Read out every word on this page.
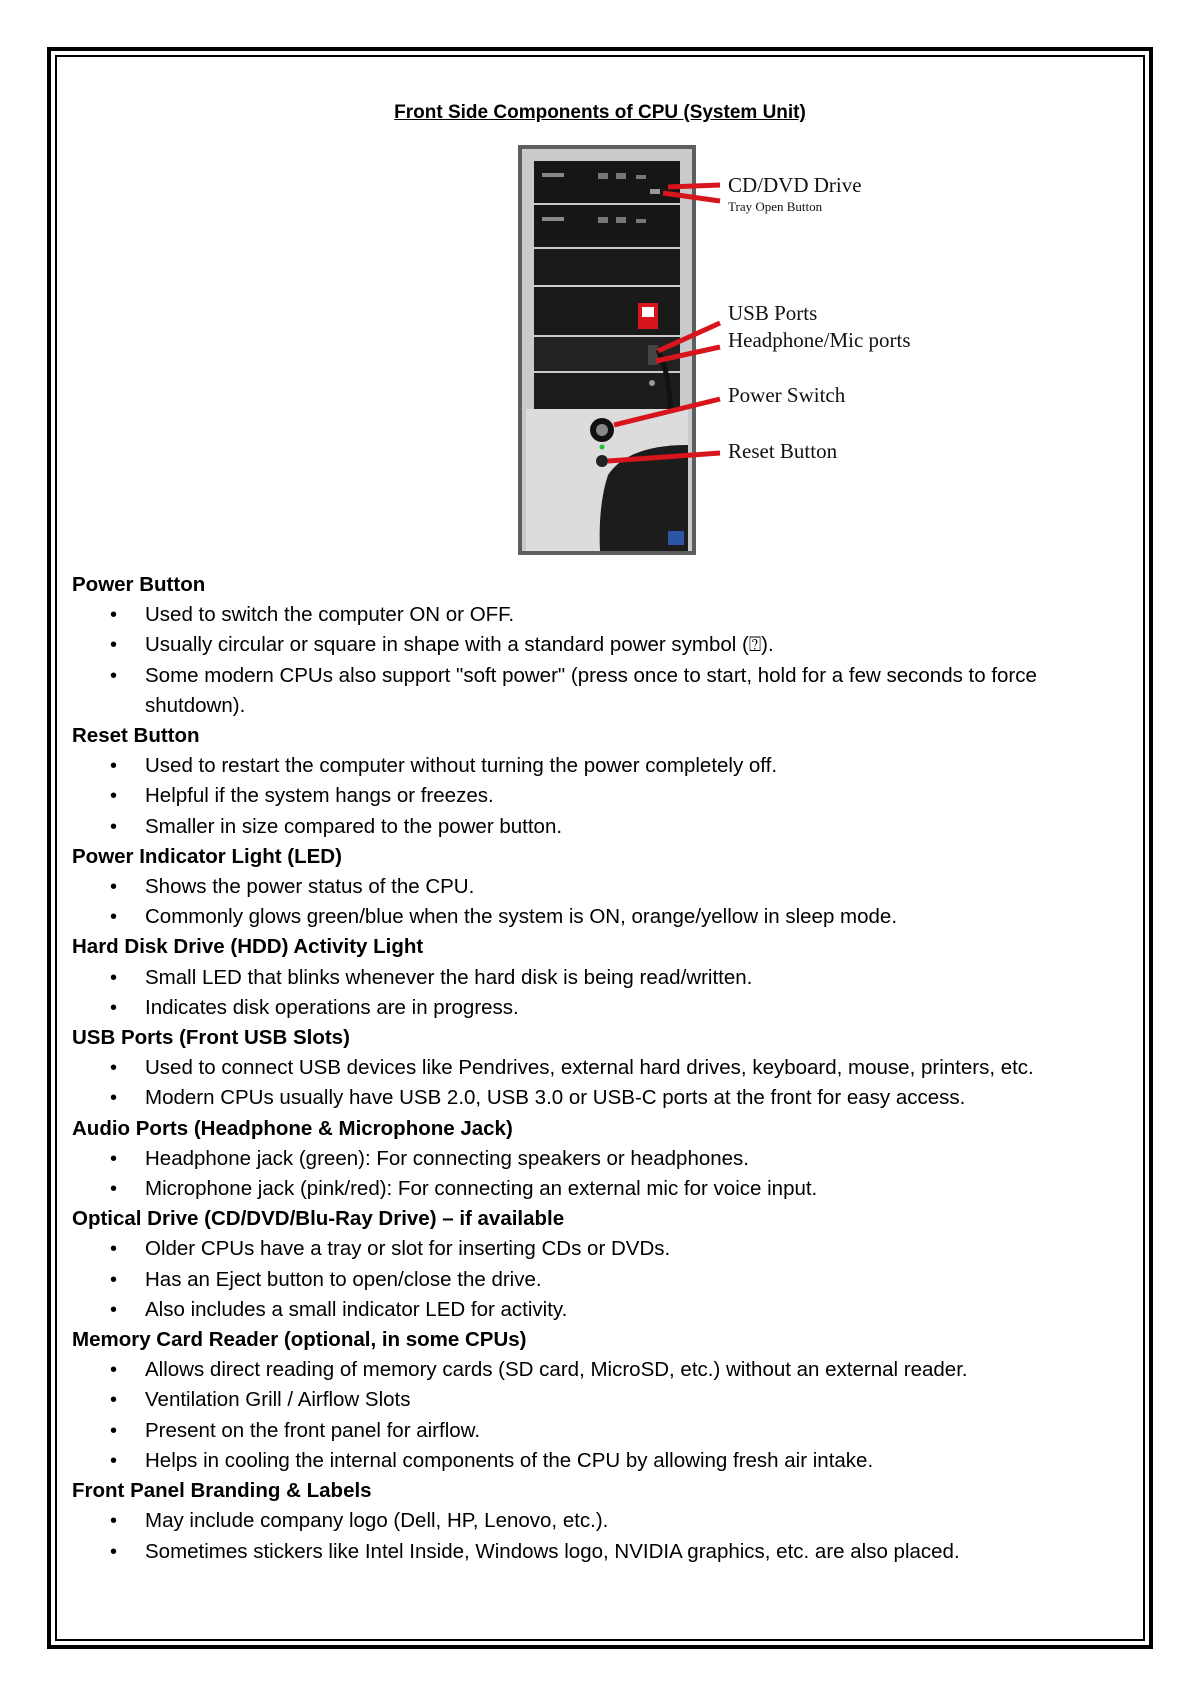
Front Side Components of CPU (System Unit)
CD/DVD Drive
Tray Open Button
USB Ports
Headphone/Mic ports
Power Switch
Reset Button
Power Button
• Used to switch the computer ON or OFF.
• Usually circular or square in shape with a standard power symbol (⍰).
• Some modern CPUs also support "soft power" (press once to start, hold for a few seconds to force shutdown).
Reset Button
• Used to restart the computer without turning the power completely off.
• Helpful if the system hangs or freezes.
• Smaller in size compared to the power button.
Power Indicator Light (LED)
• Shows the power status of the CPU.
• Commonly glows green/blue when the system is ON, orange/yellow in sleep mode.
Hard Disk Drive (HDD) Activity Light
• Small LED that blinks whenever the hard disk is being read/written.
• Indicates disk operations are in progress.
USB Ports (Front USB Slots)
• Used to connect USB devices like Pendrives, external hard drives, keyboard, mouse, printers, etc.
• Modern CPUs usually have USB 2.0, USB 3.0 or USB-C ports at the front for easy access.
Audio Ports (Headphone & Microphone Jack)
• Headphone jack (green): For connecting speakers or headphones.
• Microphone jack (pink/red): For connecting an external mic for voice input.
Optical Drive (CD/DVD/Blu-Ray Drive) – if available
• Older CPUs have a tray or slot for inserting CDs or DVDs.
• Has an Eject button to open/close the drive.
• Also includes a small indicator LED for activity.
Memory Card Reader (optional, in some CPUs)
• Allows direct reading of memory cards (SD card, MicroSD, etc.) without an external reader.
• Ventilation Grill / Airflow Slots
• Present on the front panel for airflow.
• Helps in cooling the internal components of the CPU by allowing fresh air intake.
Front Panel Branding & Labels
• May include company logo (Dell, HP, Lenovo, etc.).
• Sometimes stickers like Intel Inside, Windows logo, NVIDIA graphics, etc. are also placed.
